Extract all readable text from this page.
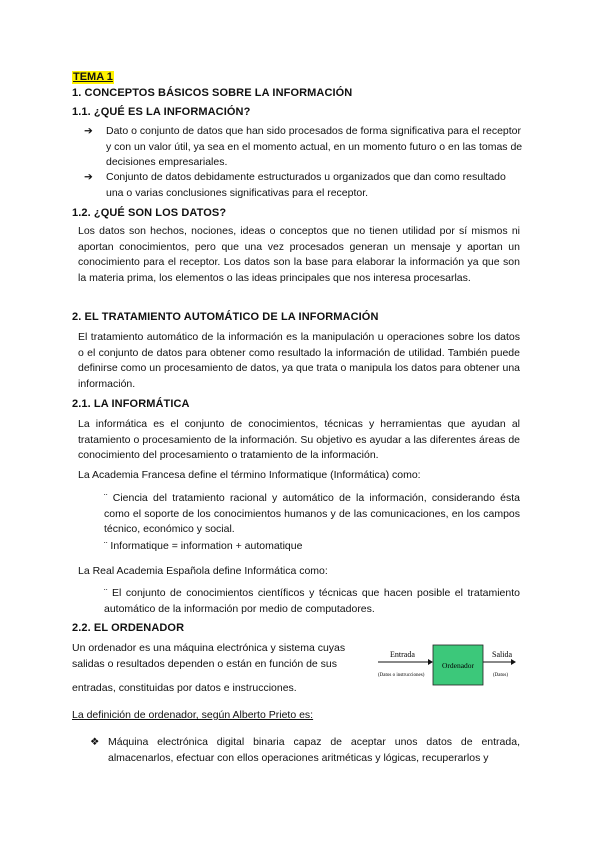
TEMA 1
1. CONCEPTOS BÁSICOS SOBRE LA INFORMACIÓN
1.1. ¿QUÉ ES LA INFORMACIÓN?
➔ Dato o conjunto de datos que han sido procesados de forma significativa para el receptor y con un valor útil, ya sea en el momento actual, en un momento futuro o en las tomas de decisiones empresariales.
➔ Conjunto de datos debidamente estructurados u organizados que dan como resultado una o varias conclusiones significativas para el receptor.
1.2. ¿QUÉ SON LOS DATOS?
Los datos son hechos, nociones, ideas o conceptos que no tienen utilidad por sí mismos ni aportan conocimientos, pero que una vez procesados generan un mensaje y aportan un conocimiento para el receptor. Los datos son la base para elaborar la información ya que son la materia prima, los elementos o las ideas principales que nos interesa procesarlas.
2. EL TRATAMIENTO AUTOMÁTICO DE LA INFORMACIÓN
El tratamiento automático de la información es la manipulación u operaciones sobre los datos o el conjunto de datos para obtener como resultado la información de utilidad. También puede definirse como un procesamiento de datos, ya que trata o manipula los datos para obtener una información.
2.1. LA INFORMÁTICA
La informática es el conjunto de conocimientos, técnicas y herramientas que ayudan al tratamiento o procesamiento de la información. Su objetivo es ayudar a las diferentes áreas de conocimiento del procesamiento o tratamiento de la información.
La Academia Francesa define el término Informatique (Informática) como:
¨ Ciencia del tratamiento racional y automático de la información, considerando ésta como el soporte de los conocimientos humanos y de las comunicaciones, en los campos técnico, económico y social.
¨ Informatique = information + automatique
La Real Academia Española define Informática como:
¨ El conjunto de conocimientos científicos y técnicas que hacen posible el tratamiento automático de la información por medio de computadores.
2.2. EL ORDENADOR
Un ordenador es una máquina electrónica y sistema cuyas salidas o resultados dependen o están en función de sus
entradas, constituidas por datos e instrucciones.
Entrada
(Datos o instrucciones)
Ordenador
Salida
(Datos)
La definición de ordenador, según Alberto Prieto es:
❖ Máquina electrónica digital binaria capaz de aceptar unos datos de entrada, almacenarlos, efectuar con ellos operaciones aritméticas y lógicas, recuperarlos y
